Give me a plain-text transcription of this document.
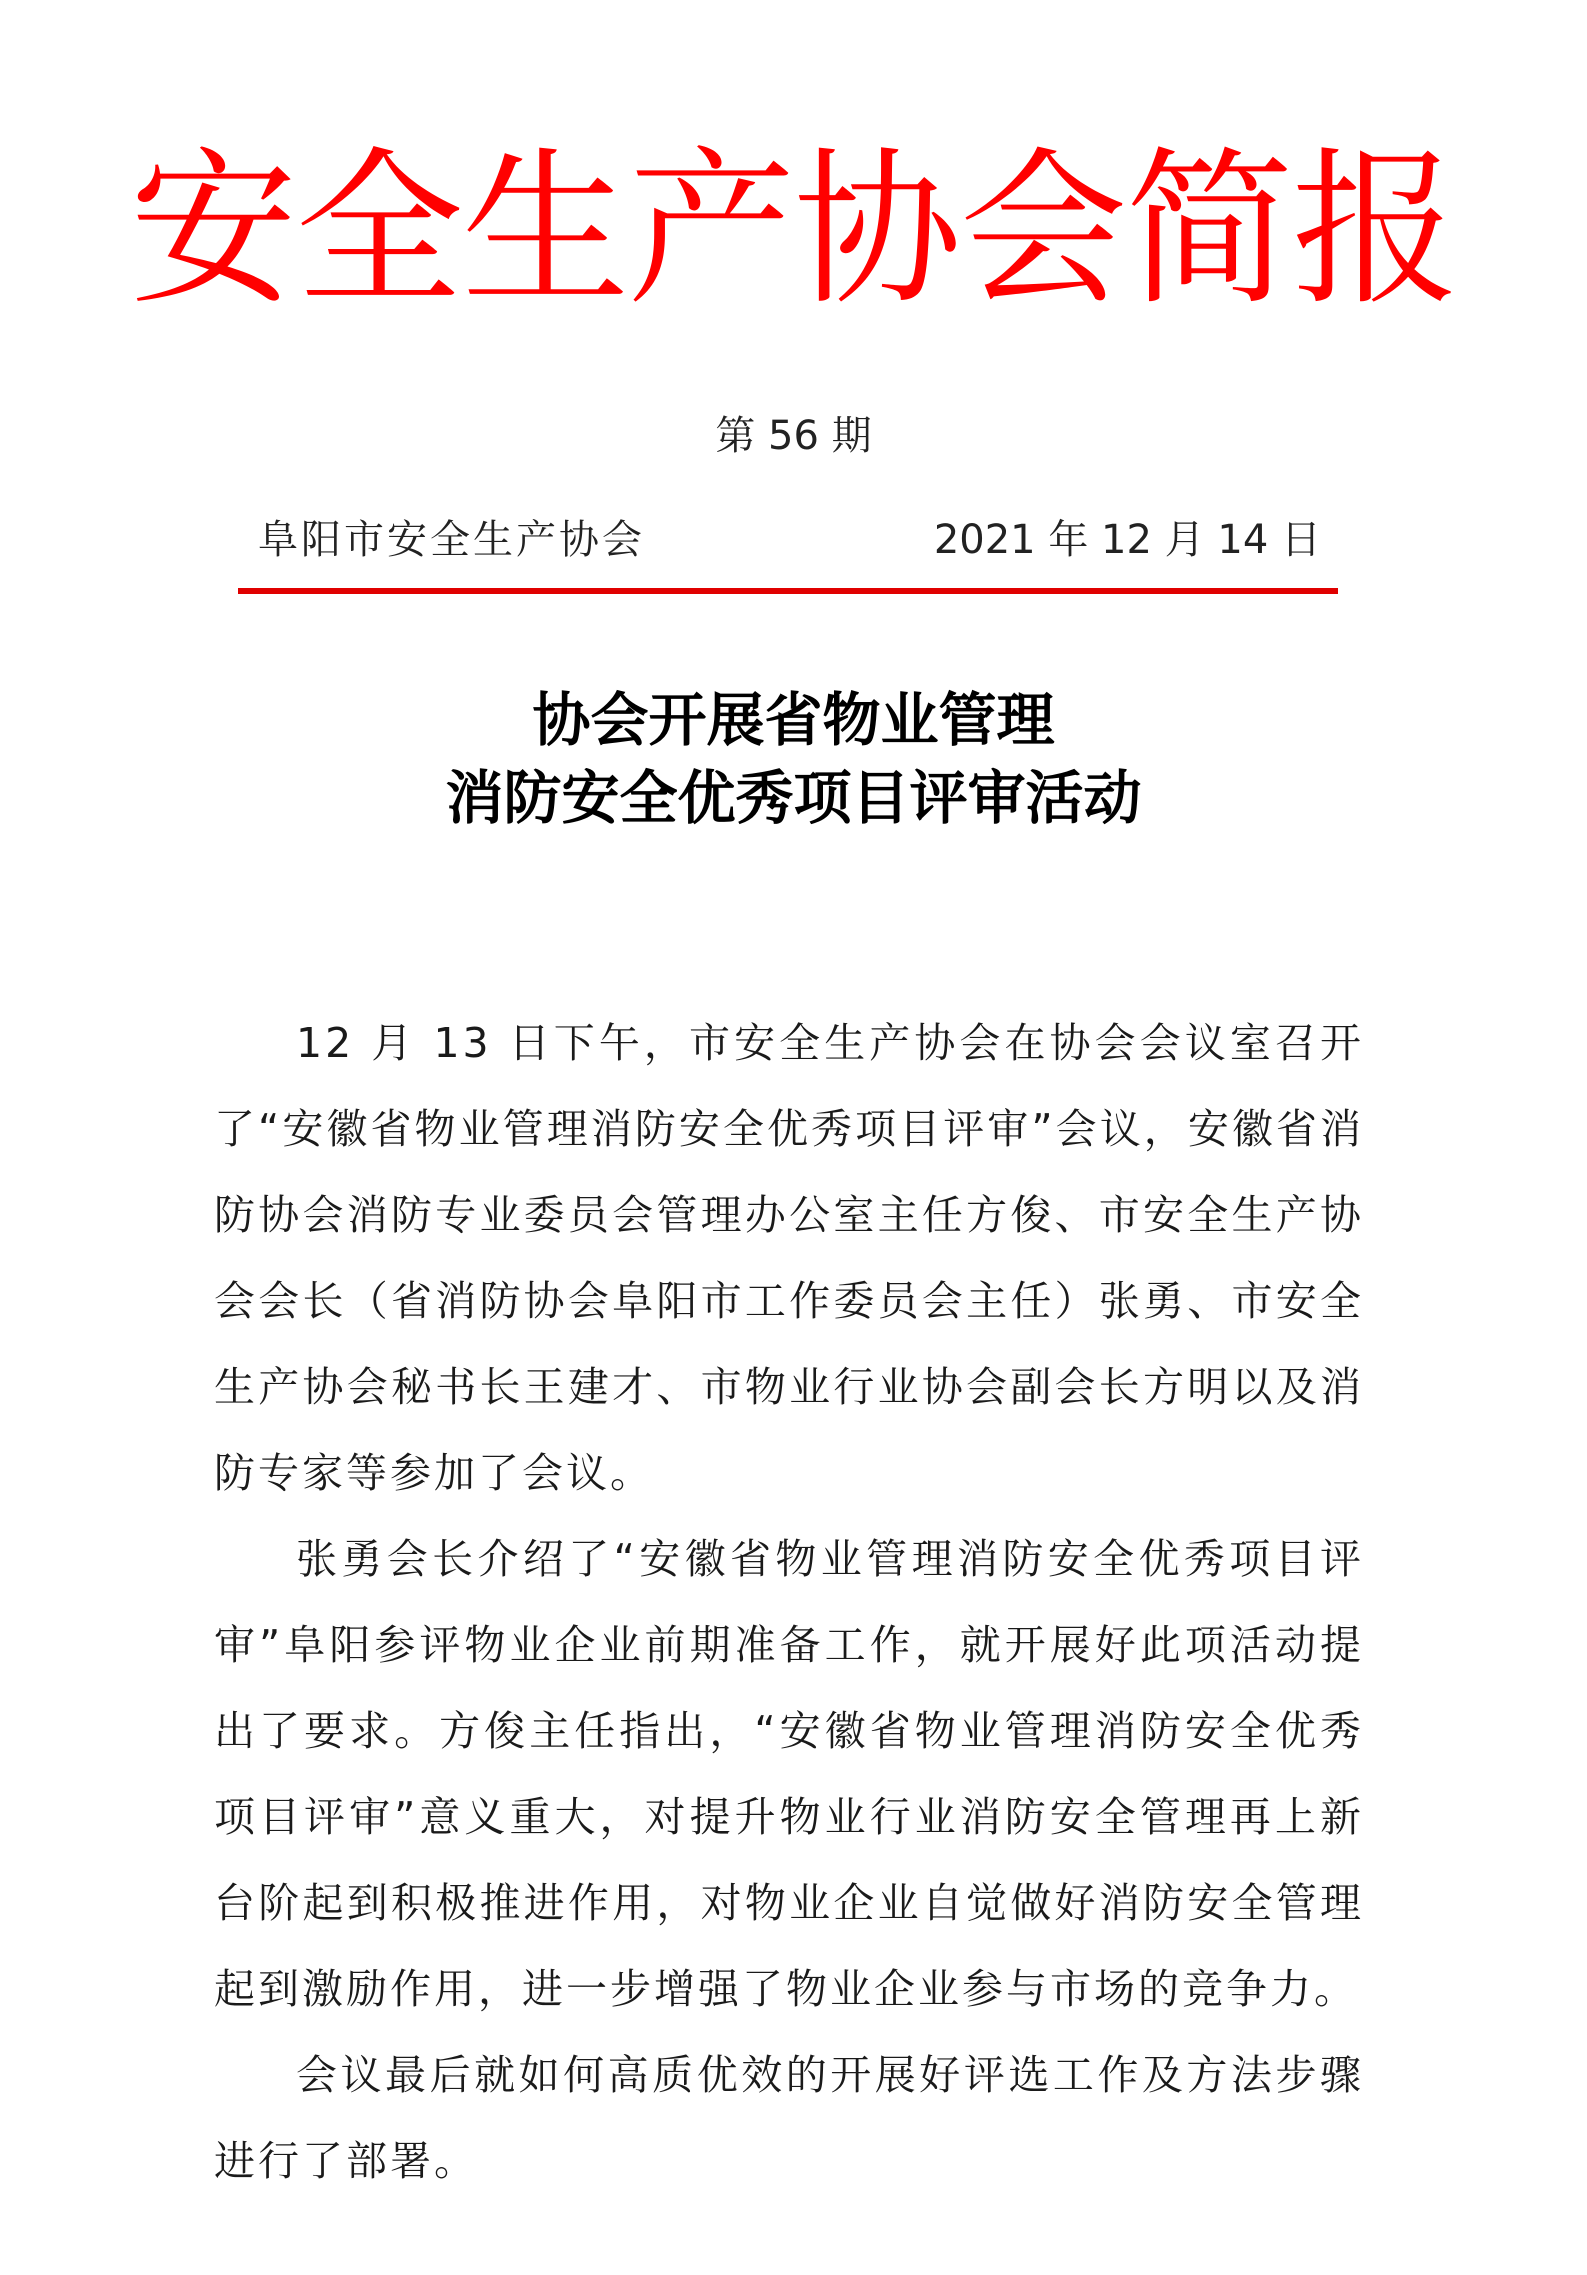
安全生产协会简报
第 56 期
阜阳市安全生产协会	2021 年 12 月 14 日
协会开展省物业管理
消防安全优秀项目评审活动

12 月 13 日下午，市安全生产协会在协会会议室召开了“安徽省物业管理消防安全优秀项目评审”会议，安徽省消防协会消防专业委员会管理办公室主任方俊、市安全生产协会会长（省消防协会阜阳市工作委员会主任）张勇、市安全生产协会秘书长王建才、市物业行业协会副会长方明以及消防专家等参加了会议。

张勇会长介绍了“安徽省物业管理消防安全优秀项目评审”阜阳参评物业企业前期准备工作，就开展好此项活动提出了要求。方俊主任指出，“安徽省物业管理消防安全优秀项目评审”意义重大，对提升物业行业消防安全管理再上新台阶起到积极推进作用，对物业企业自觉做好消防安全管理起到激励作用，进一步增强了物业企业参与市场的竞争力。

会议最后就如何高质优效的开展好评选工作及方法步骤进行了部署。
